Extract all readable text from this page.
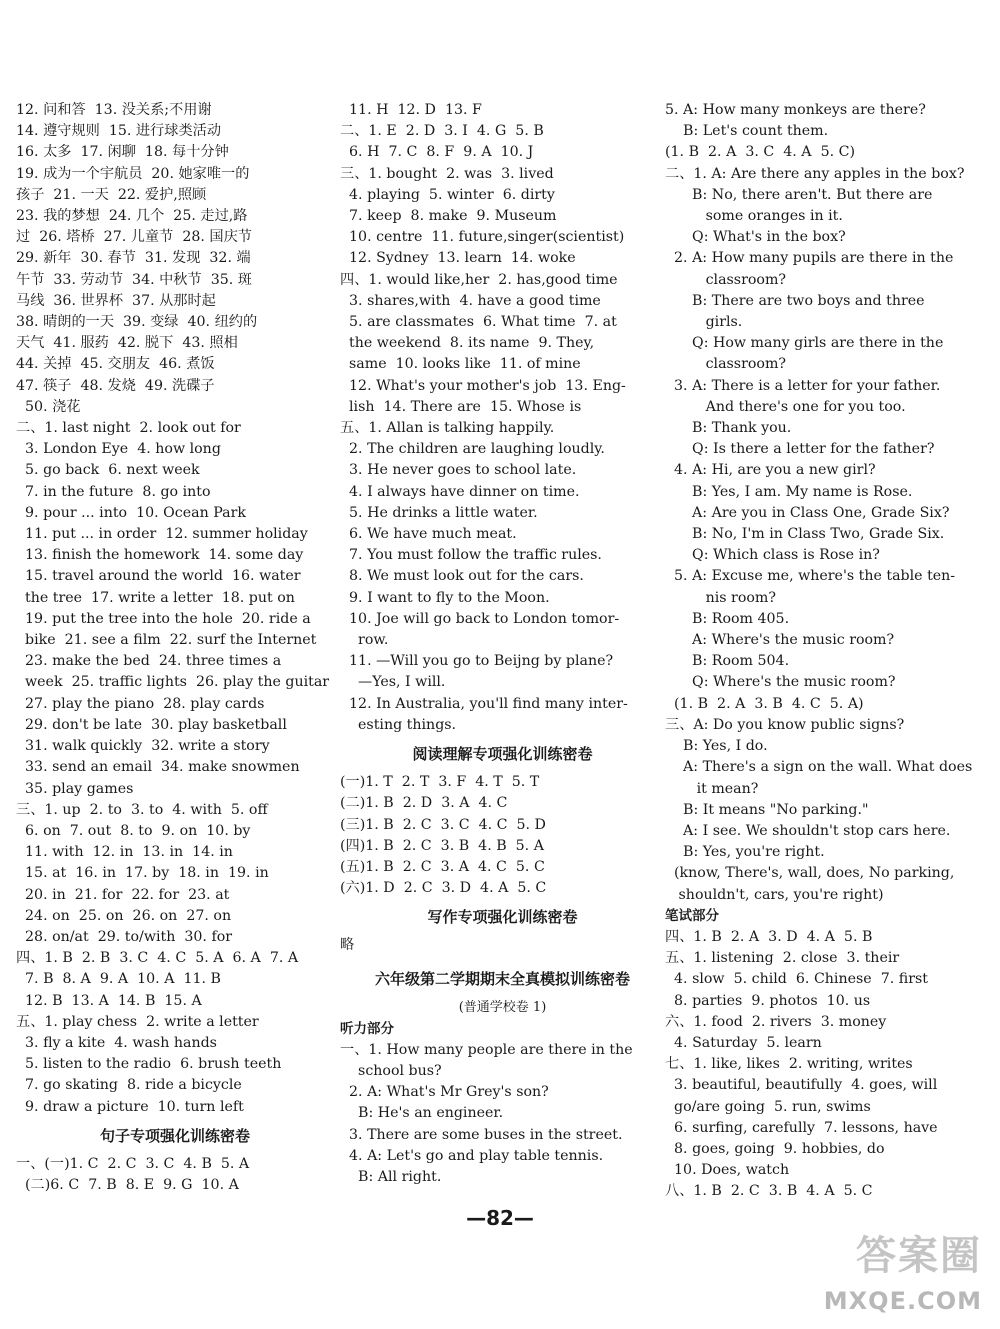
12. 问和答  13. 没关系;不用谢
14. 遵守规则  15. 进行球类活动
16. 太多  17. 闲聊  18. 每十分钟
19. 成为一个宇航员  20. 她家唯一的
孩子  21. 一天  22. 爱护,照顾
23. 我的梦想  24. 几个  25. 走过,路
过  26. 塔桥  27. 儿童节  28. 国庆节
29. 新年  30. 春节  31. 发现  32. 端
午节  33. 劳动节  34. 中秋节  35. 斑
马线  36. 世界杯  37. 从那时起
38. 晴朗的一天  39. 变绿  40. 纽约的
天气  41. 服药  42. 脱下  43. 照相
44. 关掉  45. 交朋友  46. 煮饭
47. 筷子  48. 发烧  49. 洗碟子
50. 浇花
二、1. last night  2. look out for
3. London Eye  4. how long
5. go back  6. next week
7. in the future  8. go into
9. pour ... into  10. Ocean Park
11. put ... in order  12. summer holiday
13. finish the homework  14. some day
15. travel around the world  16. water
the tree  17. write a letter  18. put on
19. put the tree into the hole  20. ride a
bike  21. see a film  22. surf the Internet
23. make the bed  24. three times a
week  25. traffic lights  26. play the guitar
27. play the piano  28. play cards
29. don't be late  30. play basketball
31. walk quickly  32. write a story
33. send an email  34. make snowmen
35. play games
三、1. up  2. to  3. to  4. with  5. off
6. on  7. out  8. to  9. on  10. by
11. with  12. in  13. in  14. in
15. at  16. in  17. by  18. in  19. in
20. in  21. for  22. for  23. at
24. on  25. on  26. on  27. on
28. on/at  29. to/with  30. for
四、1. B  2. B  3. C  4. C  5. A  6. A  7. A
7. B  8. A  9. A  10. A  11. B
12. B  13. A  14. B  15. A
五、1. play chess  2. write a letter
3. fly a kite  4. wash hands
5. listen to the radio  6. brush teeth
7. go skating  8. ride a bicycle
9. draw a picture  10. turn left
句子专项强化训练密卷
一、(一)1. C  2. C  3. C  4. B  5. A
(二)6. C  7. B  8. E  9. G  10. A
11. H  12. D  13. F
二、1. E  2. D  3. I  4. G  5. B
6. H  7. C  8. F  9. A  10. J
三、1. bought  2. was  3. lived
4. playing  5. winter  6. dirty
7. keep  8. make  9. Museum
10. centre  11. future,singer(scientist)
12. Sydney  13. learn  14. woke
四、1. would like,her  2. has,good time
3. shares,with  4. have a good time
5. are classmates  6. What time  7. at
the weekend  8. its name  9. They,
same  10. looks like  11. of mine
12. What's your mother's job  13. Eng-
lish  14. There are  15. Whose is
五、1. Allan is talking happily.
2. The children are laughing loudly.
3. He never goes to school late.
4. I always have dinner on time.
5. He drinks a little water.
6. We have much meat.
7. You must follow the traffic rules.
8. We must look out for the cars.
9. I want to fly to the Moon.
10. Joe will go back to London tomor-
row.
11. —Will you go to Beijng by plane?
—Yes, I will.
12. In Australia, you'll find many inter-
esting things.
阅读理解专项强化训练密卷
(一)1. T  2. T  3. F  4. T  5. T
(二)1. B  2. D  3. A  4. C
(三)1. B  2. C  3. C  4. C  5. D
(四)1. B  2. C  3. B  4. B  5. A
(五)1. B  2. C  3. A  4. C  5. C
(六)1. D  2. C  3. D  4. A  5. C
写作专项强化训练密卷
略
六年级第二学期期末全真模拟训练密卷
(普通学校卷 1)
听力部分
一、1. How many people are there in the
school bus?
2. A: What's Mr Grey's son?
B: He's an engineer.
3. There are some buses in the street.
4. A: Let's go and play table tennis.
B: All right.
5. A: How many monkeys are there?
B: Let's count them.
(1. B  2. A  3. C  4. A  5. C)
二、1. A: Are there any apples in the box?
B: No, there aren't. But there are
some oranges in it.
Q: What's in the box?
2. A: How many pupils are there in the
classroom?
B: There are two boys and three
girls.
Q: How many girls are there in the
classroom?
3. A: There is a letter for your father.
And there's one for you too.
B: Thank you.
Q: Is there a letter for the father?
4. A: Hi, are you a new girl?
B: Yes, I am. My name is Rose.
A: Are you in Class One, Grade Six?
B: No, I'm in Class Two, Grade Six.
Q: Which class is Rose in?
5. A: Excuse me, where's the table ten-
nis room?
B: Room 405.
A: Where's the music room?
B: Room 504.
Q: Where's the music room?
(1. B  2. A  3. B  4. C  5. A)
三、A: Do you know public signs?
B: Yes, I do.
A: There's a sign on the wall. What does
it mean?
B: It means "No parking."
A: I see. We shouldn't stop cars here.
B: Yes, you're right.
(know, There's, wall, does, No parking,
shouldn't, cars, you're right)
笔试部分
四、1. B  2. A  3. D  4. A  5. B
五、1. listening  2. close  3. their
4. slow  5. child  6. Chinese  7. first
8. parties  9. photos  10. us
六、1. food  2. rivers  3. money
4. Saturday  5. learn
七、1. like, likes  2. writing, writes
3. beautiful, beautifully  4. goes, will
go/are going  5. run, swims
6. surfing, carefully  7. lessons, have
8. goes, going  9. hobbies, do
10. Does, watch
八、1. B  2. C  3. B  4. A  5. C
—82—
答案圈
MXQE.COM
